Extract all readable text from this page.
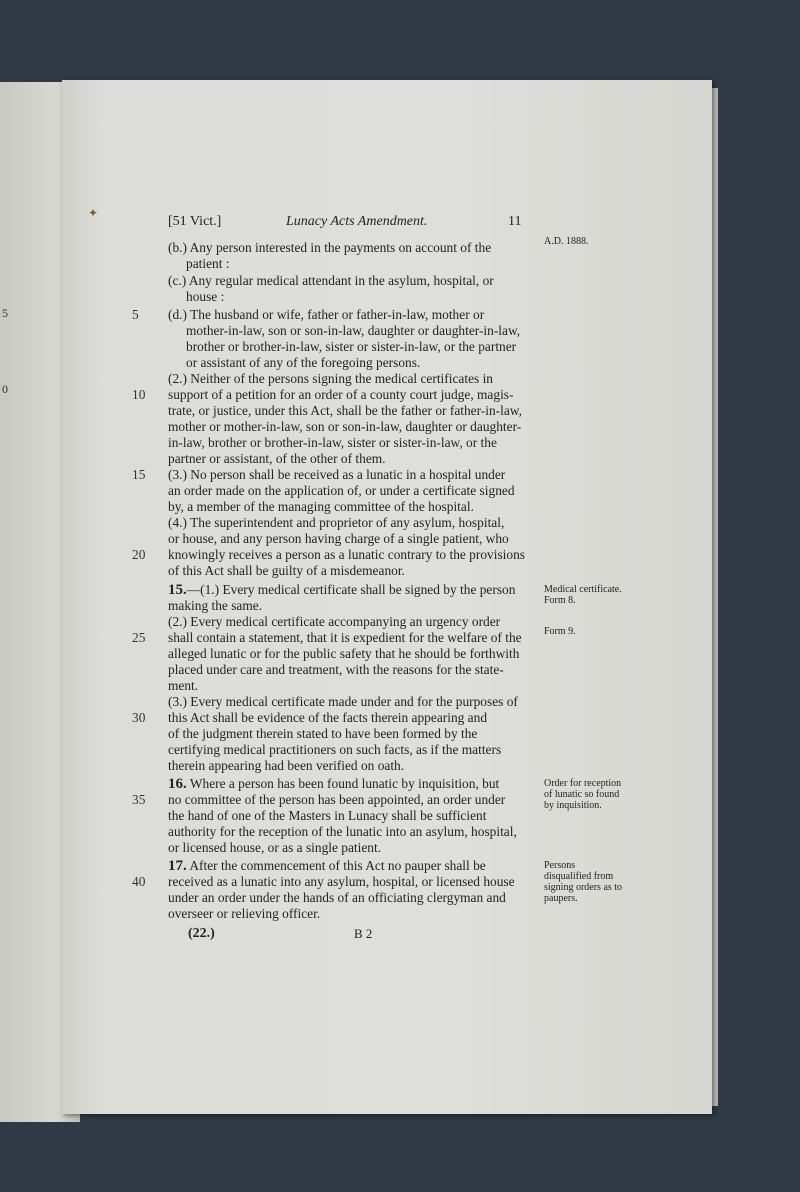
5
0
✦
[51 Vict.]	Lunacy Acts Amendment.	11
A.D. 1888.
(b.) Any person interested in the payments on account of the
patient :
(c.) Any regular medical attendant in the asylum, hospital, or
house :
(d.) The husband or wife, father or father-in-law, mother or
mother-in-law, son or son-in-law, daughter or daughter-in-law,
brother or brother-in-law, sister or sister-in-law, or the partner
or assistant of any of the foregoing persons.
(2.) Neither of the persons signing the medical certificates in
support of a petition for an order of a county court judge, magis-
trate, or justice, under this Act, shall be the father or father-in-law,
mother or mother-in-law, son or son-in-law, daughter or daughter-
in-law, brother or brother-in-law, sister or sister-in-law, or the
partner or assistant, of the other of them.
(3.) No person shall be received as a lunatic in a hospital under
an order made on the application of, or under a certificate signed
by, a member of the managing committee of the hospital.
(4.) The superintendent and proprietor of any asylum, hospital,
or house, and any person having charge of a single patient, who
knowingly receives a person as a lunatic contrary to the provisions
of this Act shall be guilty of a misdemeanor.
15.—(1.) Every medical certificate shall be signed by the person
making the same.
(2.) Every medical certificate accompanying an urgency order
shall contain a statement, that it is expedient for the welfare of the
alleged lunatic or for the public safety that he should be forthwith
placed under care and treatment, with the reasons for the state-
ment.
(3.) Every medical certificate made under and for the purposes of
this Act shall be evidence of the facts therein appearing and
of the judgment therein stated to have been formed by the
certifying medical practitioners on such facts, as if the matters
therein appearing had been verified on oath.
16. Where a person has been found lunatic by inquisition, but
no committee of the person has been appointed, an order under
the hand of one of the Masters in Lunacy shall be sufficient
authority for the reception of the lunatic into an asylum, hospital,
or licensed house, or as a single patient.
17. After the commencement of this Act no pauper shall be
received as a lunatic into any asylum, hospital, or licensed house
under an order under the hands of an officiating clergyman and
overseer or relieving officer.
5
10
15
20
25
30
35
40
Medical certificate. Form 8.
Form 9.
Order for reception of lunatic so found by inquisition.
Persons disqualified from signing orders as to paupers.
(22.)	B 2
